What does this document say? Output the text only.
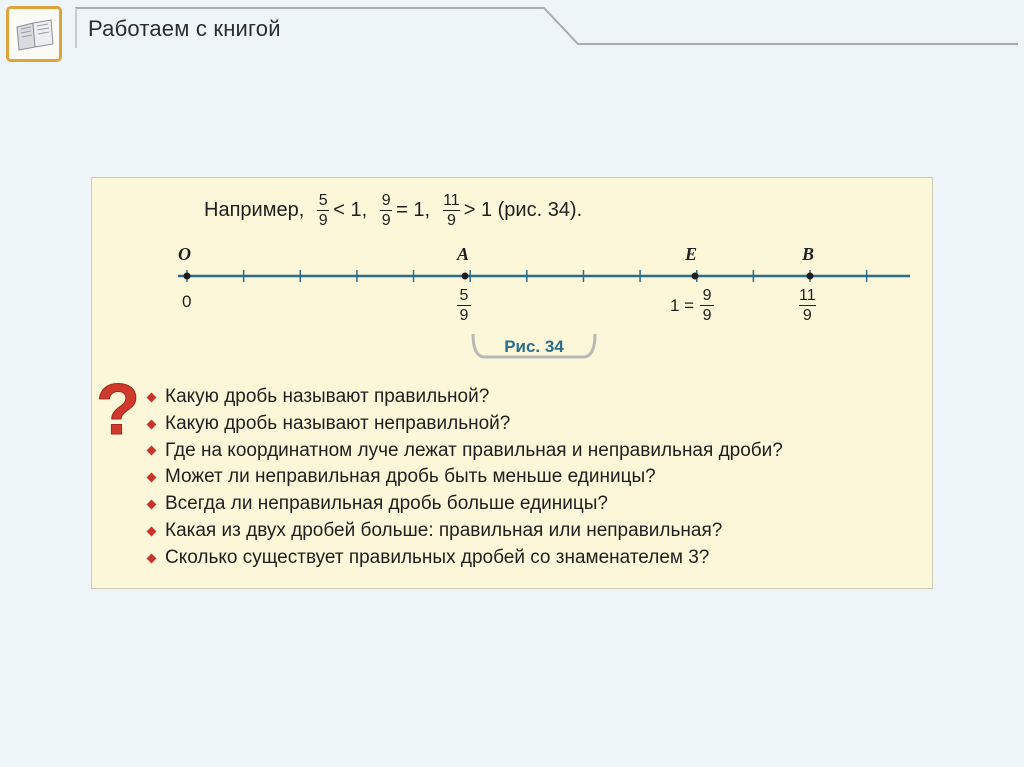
Работаем с книгой
Например, $\frac{5}{9} < 1$, $\frac{9}{9} = 1$, $\frac{11}{9} > 1$ (рис. 34).
O	A	E	B
0	5
9
1 = 9
9
11
9
Рис. 34
? Какую дробь называют правильной?
Какую дробь называют неправильной?
Где на координатном луче лежат правильная и неправильная дроби?
Может ли неправильная дробь быть меньше единицы?
Всегда ли неправильная дробь больше единицы?
Какая из двух дробей больше: правильная или неправильная?
Сколько существует правильных дробей со знаменателем 3?
